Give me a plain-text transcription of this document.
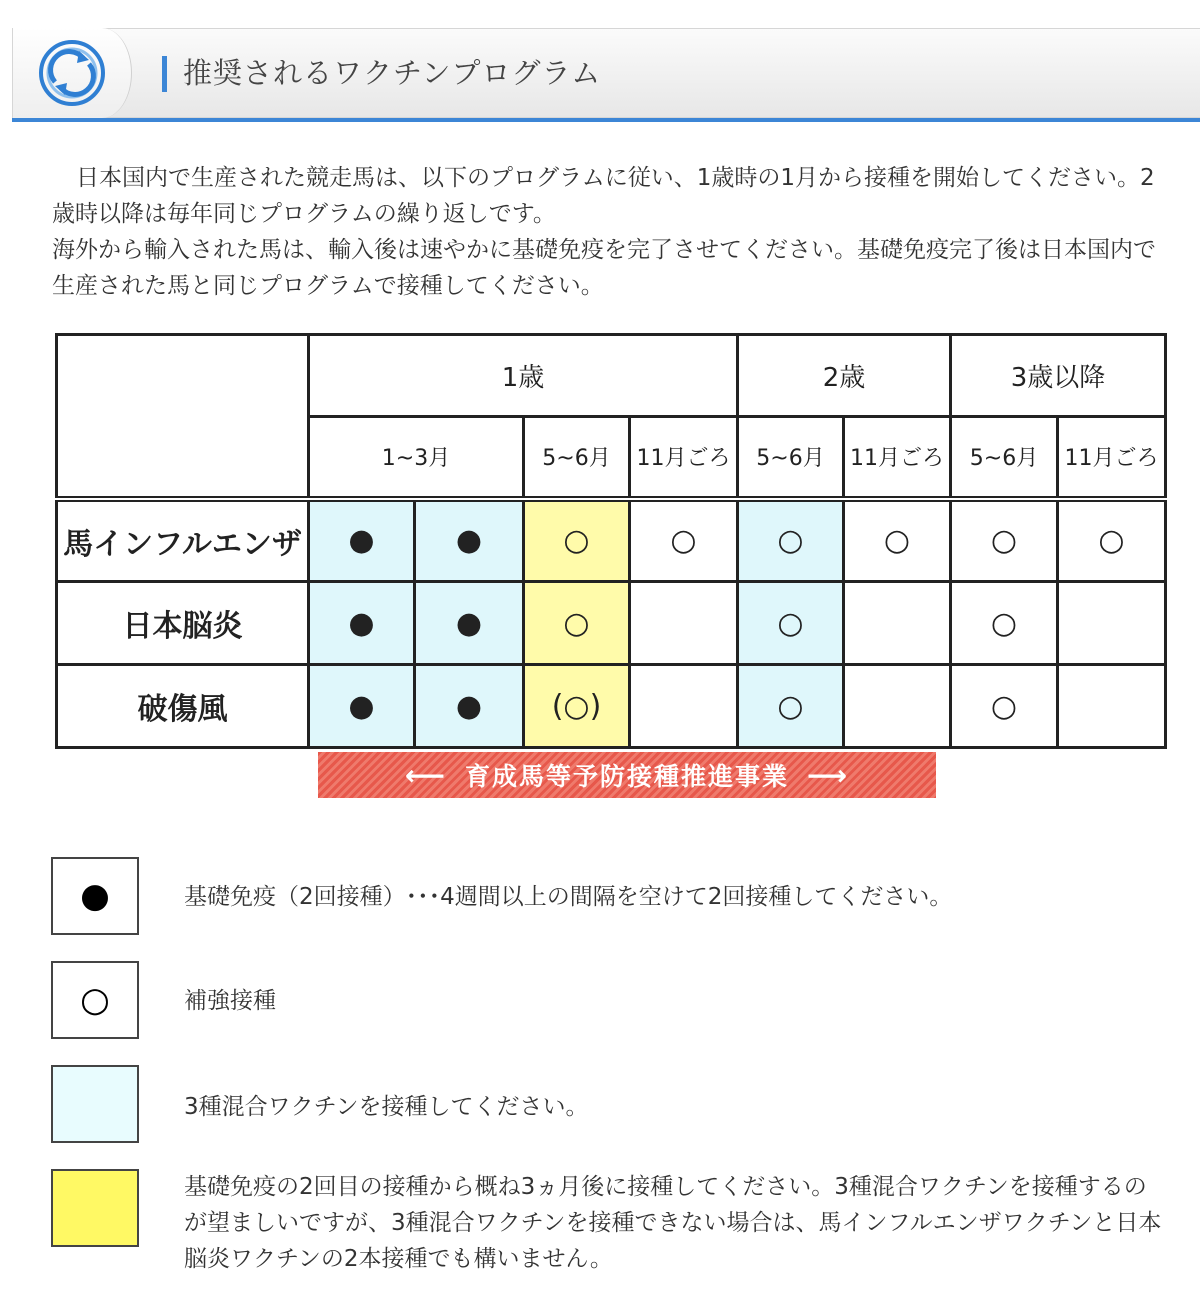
推奨されるワクチンプログラム

日本国内で生産された競走馬は、以下のプログラムに従い、1歳時の1月から接種を開始してください。2歳時以降は毎年同じプログラムの繰り返しです。

海外から輸入された馬は、輸入後は速やかに基礎免疫を完了させてください。基礎免疫完了後は日本国内で生産された馬と同じプログラムで接種してください。

	1歳				2歳		3歳以降	
	1~3月		5~6月	11月ごろ	5~6月	11月ごろ	5~6月	11月ごろ
馬インフルエンザ	●	●	○	○	○	○	○	○
日本脳炎	●	●	○		○		○	
破傷風	●	●	(○)		○		○	
⟵ 育成馬等予防接種推進事業 ⟶
●	基礎免疫（2回接種）･･･4週間以上の間隔を空けて2回接種してください。
○	補強接種
3種混合ワクチンを接種してください。
基礎免疫の2回目の接種から概ね3ヵ月後に接種してください。3種混合ワクチンを接種するのが望ましいですが、3種混合ワクチンを接種できない場合は、馬インフルエンザワクチンと日本脳炎ワクチンの2本接種でも構いません。
